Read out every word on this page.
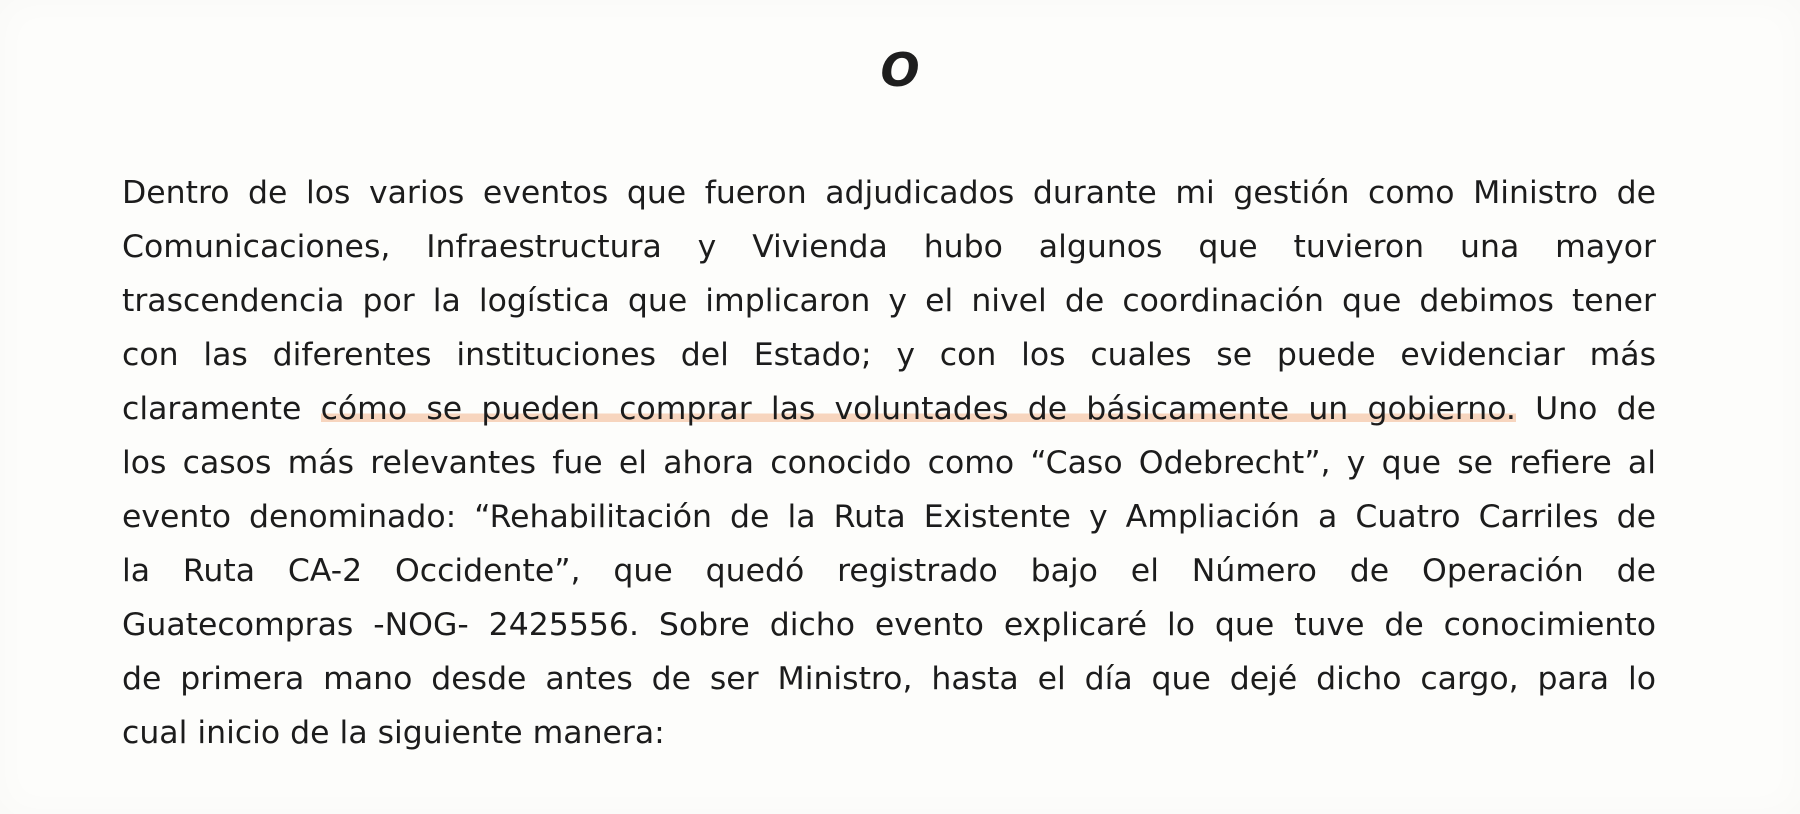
O
Dentro de los varios eventos que fueron adjudicados durante mi gestión como Ministro de
Comunicaciones, Infraestructura y Vivienda hubo algunos que tuvieron una mayor
trascendencia por la logística que implicaron y el nivel de coordinación que debimos tener
con las diferentes instituciones del Estado; y con los cuales se puede evidenciar más
claramente cómo se pueden comprar las voluntades de básicamente un gobierno. Uno de
los casos más relevantes fue el ahora conocido como “Caso Odebrecht”, y que se refiere al
evento denominado: “Rehabilitación de la Ruta Existente y Ampliación a Cuatro Carriles de
la Ruta CA-2 Occidente”, que quedó registrado bajo el Número de Operación de
Guatecompras -NOG- 2425556. Sobre dicho evento explicaré lo que tuve de conocimiento
de primera mano desde antes de ser Ministro, hasta el día que dejé dicho cargo, para lo
cual inicio de la siguiente manera:
